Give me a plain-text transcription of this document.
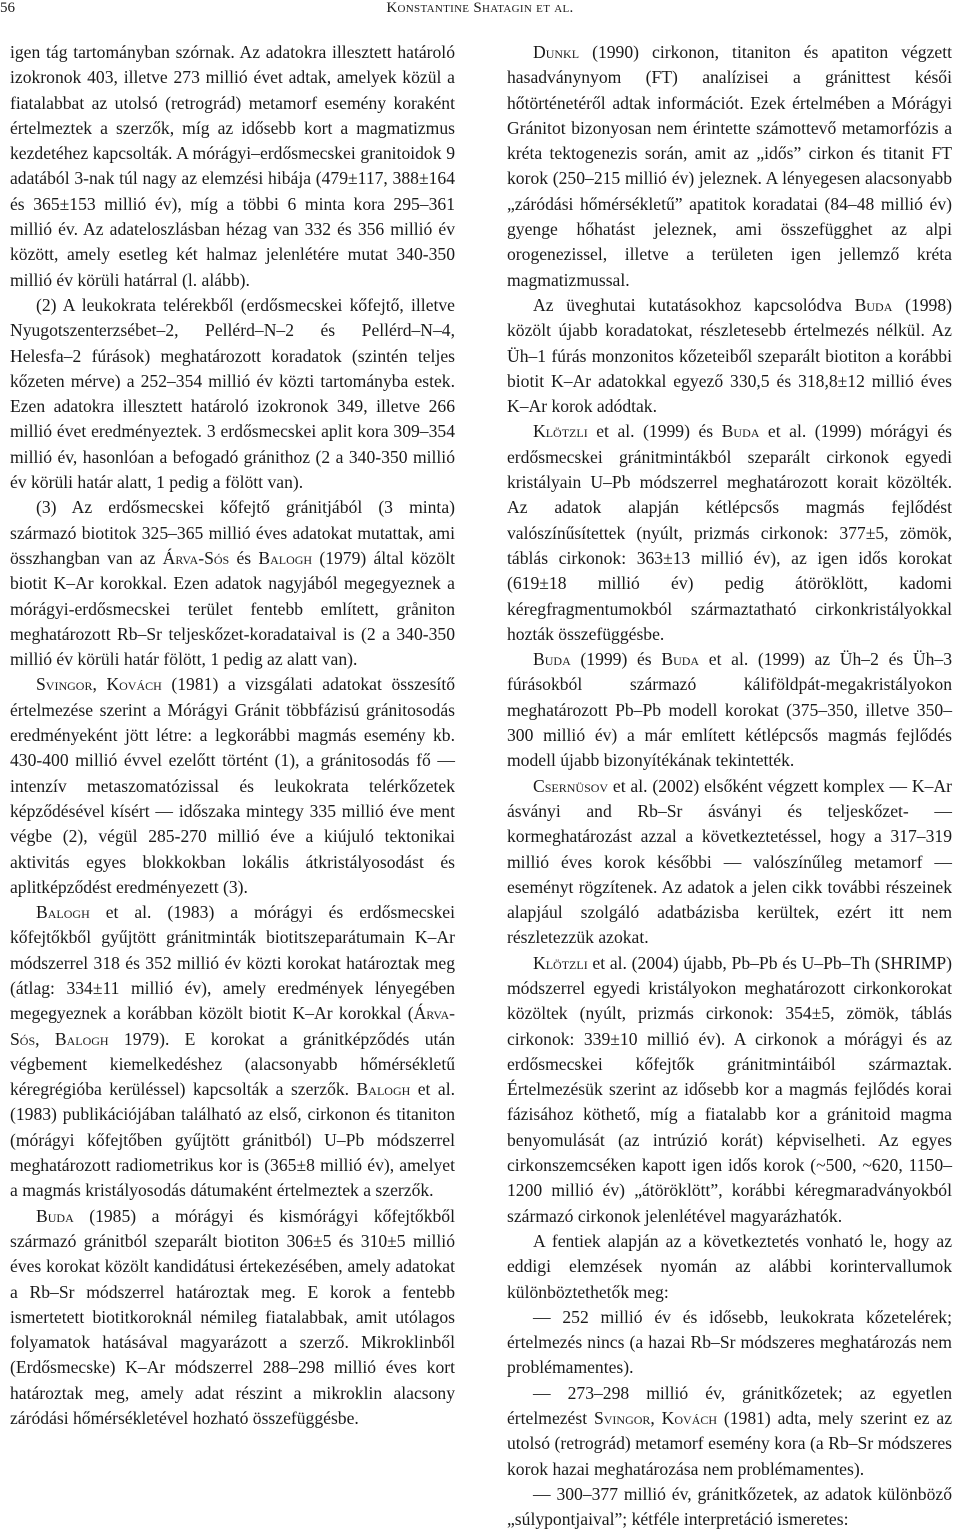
56	Konstantine Shatagin et al.

igen tág tartományban szórnak. Az adatokra illesztett határoló izokronok 403, illetve 273 millió évet adtak, amelyek közül a fiatalabbat az utolsó (retrográd) metamorf esemény koraként értelmeztek a szerzők, míg az idősebb kort a magmatizmus kezdetéhez kapcsolták. A mórágyi–erdősmecskei granitoidok 9 adatából 3-nak túl nagy az elemzési hibája (479±117, 388±164 és 365±153 millió év), míg a többi 6 minta kora 295–361 millió év. Az adateloszlásban hézag van 332 és 356 millió év között, amely esetleg két halmaz jelenlétére mutat 340-350 millió év körüli határral (l. alább).

(2) A leukokrata telérekből (erdősmecskei kőfejtő, illetve Nyugotszenterzsébet–2, Pellérd–N–2 és Pellérd–N–4, Helesfa–2 fúrások) meghatározott koradatok (szintén teljes kőzeten mérve) a 252–354 millió év közti tartományba estek. Ezen adatokra illesztett határoló izokronok 349, illetve 266 millió évet eredményeztek. 3 erdősmecskei aplit kora 309–354 millió év, hasonlóan a befogadó gránithoz (2 a 340-350 millió év körüli határ alatt, 1 pedig a fölött van).

(3) Az erdősmecskei kőfejtő gránitjából (3 minta) származó biotitok 325–365 millió éves adatokat mutattak, ami összhangban van az Árva-Sós és Balogh (1979) által közölt biotit K–Ar korokkal. Ezen adatok nagyjából megegyeznek a mórágyi-erdősmecskei terület fentebb említett, gråniton meghatározott Rb–Sr teljeskőzet-koradataival is (2 a 340-350 millió év körüli határ fölött, 1 pedig az alatt van).

Svingor, Kovách (1981) a vizsgálati adatokat összesítő értelmezése szerint a Mórágyi Gránit többfázisú gránitosodás eredményeként jött létre: a legkorábbi magmás esemény kb. 430-400 millió évvel ezelőtt történt (1), a gránitosodás fő — intenzív metaszomatózissal és leukokrata telérkőzetek képződésével kísért — időszaka mintegy 335 millió éve ment végbe (2), végül 285-270 millió éve a kiújuló tektonikai aktivitás egyes blokkokban lokális átkristályosodást és aplitképződést eredményezett (3).

Balogh et al. (1983) a mórágyi és erdősmecskei kőfejtőkből gyűjtött gránitminták biotitszeparátumain K–Ar módszerrel 318 és 352 millió év közti korokat határoztak meg (átlag: 334±11 millió év), amely eredmények lényegében megegyeznek a korábban közölt biotit K–Ar korokkal (Árva-Sós, Balogh 1979). E korokat a gránitképződés után végbement kiemelkedéshez (alacsonyabb hőmérsékletű kéregrégióba kerüléssel) kapcsolták a szerzők. Balogh et al. (1983) publikációjában található az első, cirkonon és titaniton (mórágyi kőfejtőben gyűjtött gránitból) U–Pb módszerrel meghatározott radiometrikus kor is (365±8 millió év), amelyet a magmás kristályosodás dátumaként értelmeztek a szerzők.

Buda (1985) a mórágyi és kismórágyi kőfejtőkből származó gránitból szeparált biotiton 306±5 és 310±5 millió éves korokat közölt kandidátusi értekezésében, amely adatokat a Rb–Sr módszerrel határoztak meg. E korok a fentebb ismertetett biotitkoroknál némileg fiatalabbak, amit utólagos folyamatok hatásával magyarázott a szerző. Mikroklinből (Erdősmecske) K–Ar módszerrel 288–298 millió éves kort határoztak meg, amely adat részint a mikroklin alacsony záródási hőmérsékletével hozható összefüggésbe.

Dunkl (1990) cirkonon, titaniton és apatiton végzett hasadványnyom (FT) analízisei a gránittest késői hőtörténetéről adtak információt. Ezek értelmében a Mórágyi Gránitot bizonyosan nem érintette számottevő metamorfózis a kréta tektogenezis során, amit az „idős” cirkon és titanit FT korok (250–215 millió év) jeleznek. A lényegesen alacsonyabb „záródási hőmérsékletű” apatitok koradatai (84–48 millió év) gyenge hőhatást jeleznek, ami összefügghet az alpi orogenezissel, illetve a területen igen jellemző kréta magmatizmussal.

Az üveghutai kutatásokhoz kapcsolódva Buda (1998) közölt újabb koradatokat, részletesebb értelmezés nélkül. Az Üh–1 fúrás monzonitos kőzeteiből szeparált biotiton a korábbi biotit K–Ar adatokkal egyező 330,5 és 318,8±12 millió éves K–Ar korok adódtak.

Klötzli et al. (1999) és Buda et al. (1999) mórágyi és erdősmecskei gránitmintákból szeparált cirkonok egyedi kristályain U–Pb módszerrel meghatározott korait közölték. Az adatok alapján kétlépcsős magmás fejlődést valószínűsítettek (nyúlt, prizmás cirkonok: 377±5, zömök, táblás cirkonok: 363±13 millió év), az igen idős korokat (619±18 millió év) pedig átöröklött, kadomi kéregfragmentumokból származtatható cirkonkristályokkal hozták összefüggésbe.

Buda (1999) és Buda et al. (1999) az Üh–2 és Üh–3 fúrásokból származó káliföldpát-megakristályokon meghatározott Pb–Pb modell korokat (375–350, illetve 350–300 millió év) a már említett kétlépcsős magmás fejlődés modell újabb bizonyítékának tekintették.

Csernüsov et al. (2002) elsőként végzett komplex — K–Ar ásványi and Rb–Sr ásványi és teljeskőzet- — kormeghatározást azzal a következtetéssel, hogy a 317–319 millió éves korok későbbi — valószínűleg metamorf — eseményt rögzítenek. Az adatok a jelen cikk további részeinek alapjául szolgáló adatbázisba kerültek, ezért itt nem részletezzük azokat.

Klötzli et al. (2004) újabb, Pb–Pb és U–Pb–Th (SHRIMP) módszerrel egyedi kristályokon meghatározott cirkonkorokat közöltek (nyúlt, prizmás cirkonok: 354±5, zömök, táblás cirkonok: 339±10 millió év). A cirkonok a mórágyi és az erdősmecskei kőfejtők gránitmintáiból származtak. Értelmezésük szerint az idősebb kor a magmás fejlődés korai fázisához köthető, míg a fiatalabb kor a gránitoid magma benyomulását (az intrúzió korát) képviselheti. Az egyes cirkonszemcséken kapott igen idős korok (~500, ~620, 1150–1200 millió év) „átöröklött”, korábbi kéregmaradványokból származó cirkonok jelenlétével magyarázhatók.

A fentiek alapján az a következtetés vonható le, hogy az eddigi elemzések nyomán az alábbi korintervallumok különböztethetők meg:

— 252 millió év és idősebb, leukokrata kőzetelérek; értelmezés nincs (a hazai Rb–Sr módszeres meghatározás nem problémamentes).

— 273–298 millió év, gránitkőzetek; az egyetlen értelmezést Svingor, Kovách (1981) adta, mely szerint ez az utolsó (retrográd) metamorf esemény kora (a Rb–Sr módszeres korok hazai meghatározása nem problémamentes).

— 300–377 millió év, gránitkőzetek, az adatok különböző „súlypontjaival”; kétféle interpretáció ismeretes:
